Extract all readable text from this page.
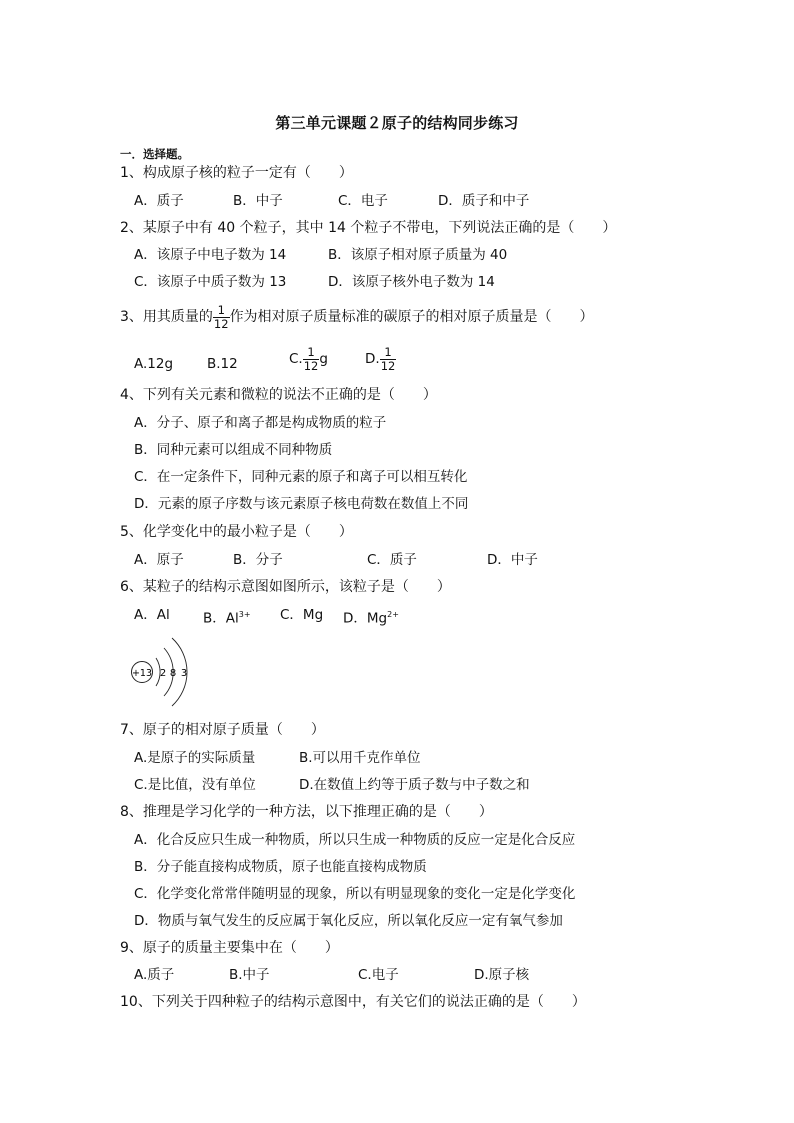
第三单元课题２原子的结构同步练习
一．选择题。
1、构成原子核的粒子一定有（　　）
A．质子	B．中子	C．电子	D．质子和中子
2、某原子中有 40 个粒子，其中 14 个粒子不带电，下列说法正确的是（　　）
A．该原子中电子数为 14	B．该原子相对原子质量为 40
C．该原子中质子数为 13	D．该原子核外电子数为 14
3、用其质量的 $\frac{1}{12}$ 作为相对原子质量标准的碳原子的相对原子质量是（　　）
A.12g	B.12	C. $\frac{1}{12}$ g	D. $\frac{1}{12}$
4、下列有关元素和微粒的说法不正确的是（　　）
A．分子、原子和离子都是构成物质的粒子
B．同种元素可以组成不同种物质
C．在一定条件下，同种元素的原子和离子可以相互转化
D．元素的原子序数与该元素原子核电荷数在数值上不同
5、化学变化中的最小粒子是（　　）
A．原子	B．分子	C．质子	D．中子
6、某粒子的结构示意图如图所示，该粒子是（　　）
A．Al B．$Al^{3+}$ C．Mg D．$Mg^{2+}$
+13 2 8 3
7、原子的相对原子质量（　　）
A.是原子的实际质量	B.可以用千克作单位
C.是比值，没有单位	D.在数值上约等于质子数与中子数之和
8、推理是学习化学的一种方法，以下推理正确的是（　　）
A．化合反应只生成一种物质，所以只生成一种物质的反应一定是化合反应
B．分子能直接构成物质，原子也能直接构成物质
C．化学变化常常伴随明显的现象，所以有明显现象的变化一定是化学变化
D．物质与氧气发生的反应属于氧化反应，所以氧化反应一定有氧气参加
9、原子的质量主要集中在（　　）
A.质子	B.中子	C.电子	D.原子核
10、下列关于四种粒子的结构示意图中，有关它们的说法正确的是（　　）
